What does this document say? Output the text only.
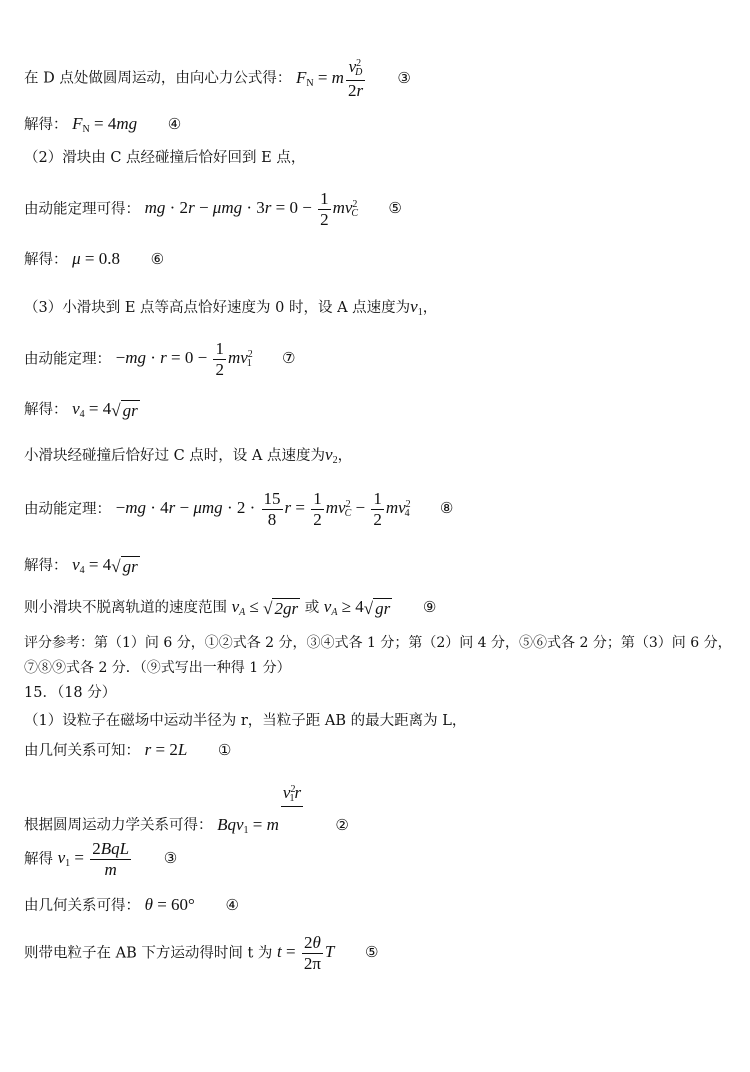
在 D 点处做圆周运动，由向心力公式得： $F_N = m \frac{v^2D}{2r}$ ③
解得： $F_N = 4mg$ ④
（2）滑块由 C 点经碰撞后恰好回到 E 点，
由动能定理可得： mg · $2r - \mu mg \cdot 3r = 0 - \frac{1}{2} mv^2C$ ⑤
解得： μ = 0.8 ⑥
（3）小滑块到 E 点等高点恰好速度为 0 时，设 A 点速度为$v_1$，
由动能定理： $-mg \cdot r = 0 - \frac{1}{2} mv^2_1$ ⑦
解得： $v_4 = 4√$ gr
小滑块经碰撞后恰好过 C 点时，设 A 点速度为$v_2$，
由动能定理： $-mg \cdot 4r - \mu mg \cdot 2 \cdot \frac{15}{8}$ $r = \frac{1}{2} mv^2C - \frac{1}{2} mv^2_4$ ⑧
解得： $v_4 = 4√$ gr
则小滑块不脱离轨道的速度范围 vA ≤ √ 2gr 或 vA ≥ 4√ gr ⑨
评分参考：第（1）问 6 分，①②式各 2 分，③④式各 1 分；第（2）问 4 分，⑤⑥式各 2 分；第（3）问 6 分，
⑦⑧⑨式各 2 分．（⑨式写出一种得 1 分）
15．（18 分）
（1）设粒子在磁场中运动半径为 r，当粒子距 AB 的最大距离为 L，
由几何关系可知： r = 2L ①
根据圆周运动力学关系可得： Bqv$_1$ = m
$v^2_1r$

②
解得 $v_1 = \frac{\text{2BqL}}{m}$ ③
由几何关系可得： θ = 60° ④
则带电粒子在 AB 下方运动得时间 t 为 $t = \frac{2\theta}{2\pi}$ T ⑤
